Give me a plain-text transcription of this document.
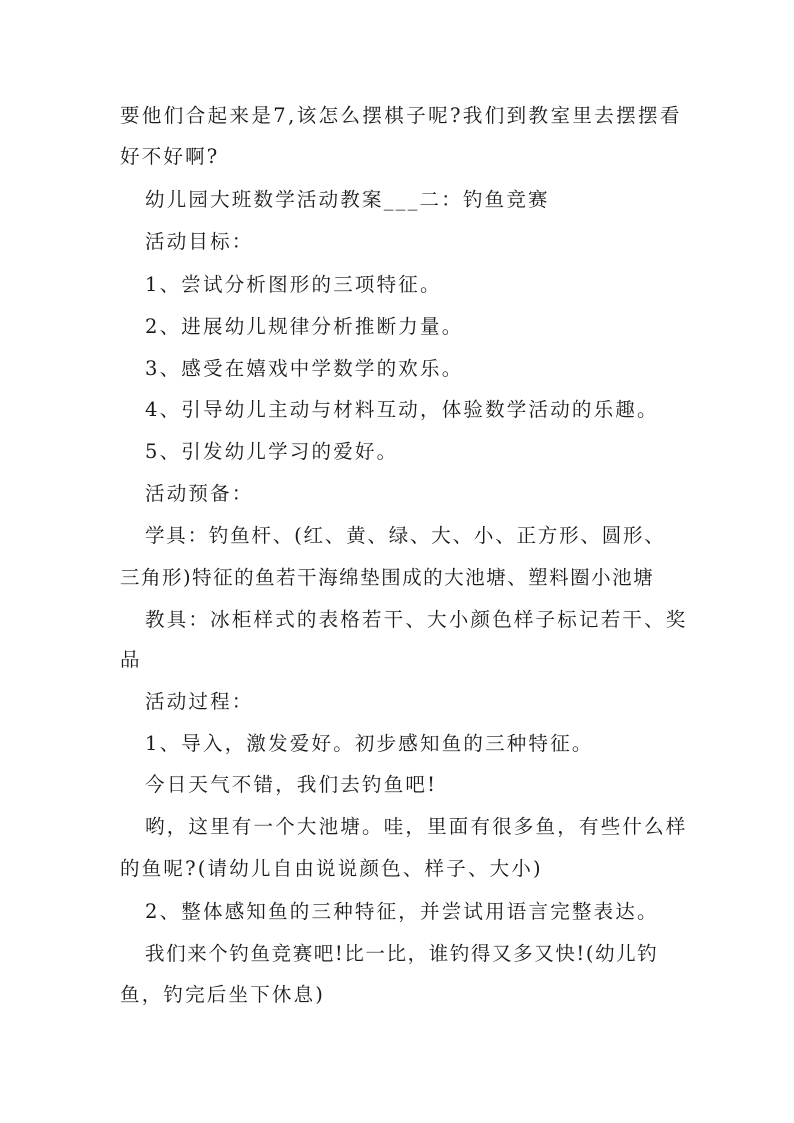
要他们合起来是7,该怎么摆棋子呢?我们到教室里去摆摆看
好不好啊?
幼儿园大班数学活动教案___二：钓鱼竞赛
活动目标：
1、尝试分析图形的三项特征。
2、进展幼儿规律分析推断力量。
3、感受在嬉戏中学数学的欢乐。
4、引导幼儿主动与材料互动，体验数学活动的乐趣。
5、引发幼儿学习的爱好。
活动预备：
学具：钓鱼杆、(红、黄、绿、大、小、正方形、圆形、
三角形)特征的鱼若干海绵垫围成的大池塘、塑料圈小池塘
教具：冰柜样式的表格若干、大小颜色样子标记若干、奖
品
活动过程：
1、导入，激发爱好。初步感知鱼的三种特征。
今日天气不错，我们去钓鱼吧!
哟，这里有一个大池塘。哇，里面有很多鱼，有些什么样
的鱼呢?(请幼儿自由说说颜色、样子、大小)
2、整体感知鱼的三种特征，并尝试用语言完整表达。
我们来个钓鱼竞赛吧!比一比，谁钓得又多又快!(幼儿钓
鱼，钓完后坐下休息)
